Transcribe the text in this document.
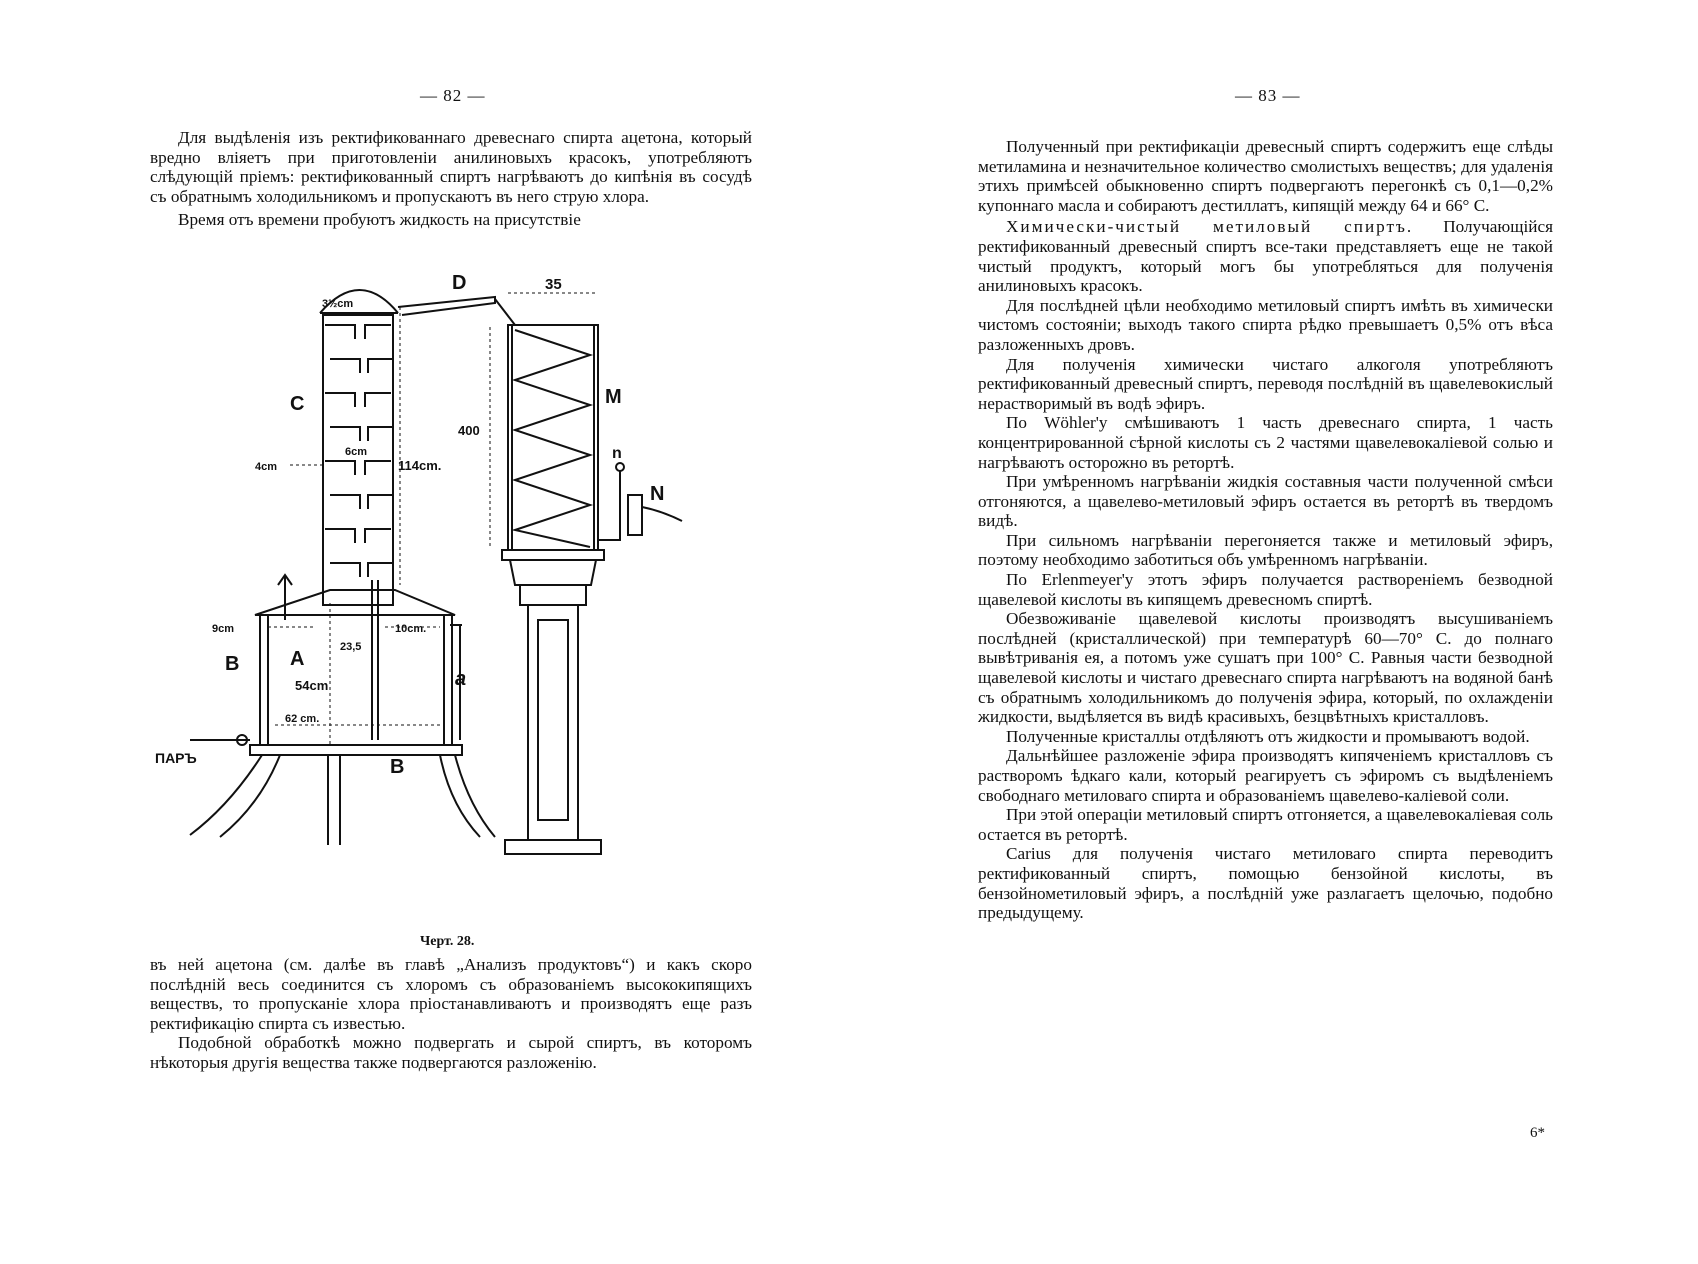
— 82 —

Для выдѣленія изъ ректификованнаго древеснаго спирта ацетона, который вредно вліяетъ при приготовленіи анилиновыхъ красокъ, употребляютъ слѣдующій пріемъ: ректификованный спиртъ нагрѣваютъ до кипѣнія въ сосудѣ съ обратнымъ холодильникомъ и пропускаютъ въ него струю хлора.

Время отъ времени пробуютъ жидкость на присутствіе

D
M
C
A
B
B
a
n
N
ПАРЪ
35
400
114cm.
3½cm
6cm
4cm
9cm	10cm.
23,5
54cm
62 cm.
Черт. 28.

въ ней ацетона (см. далѣе въ главѣ „Анализъ продуктовъ“) и какъ скоро послѣдній весь соединится съ хлоромъ съ образованіемъ высококипящихъ веществъ, то пропусканіе хлора пріостанавливаютъ и производятъ еще разъ ректификацію спирта съ известью.

Подобной обработкѣ можно подвергать и сырой спиртъ, въ которомъ нѣкоторыя другія вещества также подвергаются разложенію.

— 83 —

Полученный при ректификаціи древесный спиртъ содержитъ еще слѣды метиламина и незначительное количество смолистыхъ веществъ; для удаленія этихъ примѣсей обыкновенно спиртъ подвергаютъ перегонкѣ съ 0,1—0,2% купоннаго масла и собираютъ дестиллатъ, кипящій между 64 и 66° С.

Химически-чистый метиловый спиртъ. Получающійся ректификованный древесный спиртъ все-таки представляетъ еще не такой чистый продуктъ, который могъ бы употребляться для полученія анилиновыхъ красокъ.

Для послѣдней цѣли необходимо метиловый спиртъ имѣть въ химически чистомъ состояніи; выходъ такого спирта рѣдко превышаетъ 0,5% отъ вѣса разложенныхъ дровъ.

Для полученія химически чистаго алкоголя употребляютъ ректификованный древесный спиртъ, переводя послѣдній въ щавелевокислый нерастворимый въ водѣ эфиръ.

По Wöhler'у смѣшиваютъ 1 часть древеснаго спирта, 1 часть концентрированной сѣрной кислоты съ 2 частями щавелевокаліевой солью и нагрѣваютъ осторожно въ ретортѣ.

При умѣренномъ нагрѣваніи жидкія составныя части полученной смѣси отгоняются, а щавелево-метиловый эфиръ остается въ ретортѣ въ твердомъ видѣ.

При сильномъ нагрѣваніи перегоняется также и метиловый эфиръ, поэтому необходимо заботиться объ умѣренномъ нагрѣваніи.

По Erlenmeyer'у этотъ эфиръ получается раствореніемъ безводной щавелевой кислоты въ кипящемъ древесномъ спиртѣ.

Обезвоживаніе щавелевой кислоты производятъ высушиваніемъ послѣдней (кристаллической) при температурѣ 60—70° С. до полнаго вывѣтриванія ея, а потомъ уже сушатъ при 100° С. Равныя части безводной щавелевой кислоты и чистаго древеснаго спирта нагрѣваютъ на водяной банѣ съ обратнымъ холодильникомъ до полученія эфира, который, по охлажденіи жидкости, выдѣляется въ видѣ красивыхъ, безцвѣтныхъ кристалловъ.

Полученные кристаллы отдѣляютъ отъ жидкости и промываютъ водой.

Дальнѣйшее разложеніе эфира производятъ кипяченіемъ кристалловъ съ растворомъ ѣдкаго кали, который реагируетъ съ эфиромъ съ выдѣленіемъ свободнаго метиловаго спирта и образованіемъ щавелево-каліевой соли.

При этой операціи метиловый спиртъ отгоняется, а щавелевокаліевая соль остается въ ретортѣ.

Carius для полученія чистаго метиловаго спирта переводитъ ректификованный спиртъ, помощью бензойной кислоты, въ бензойнометиловый эфиръ, а послѣдній уже разлагаетъ щелочью, подобно предыдущему.

6*
